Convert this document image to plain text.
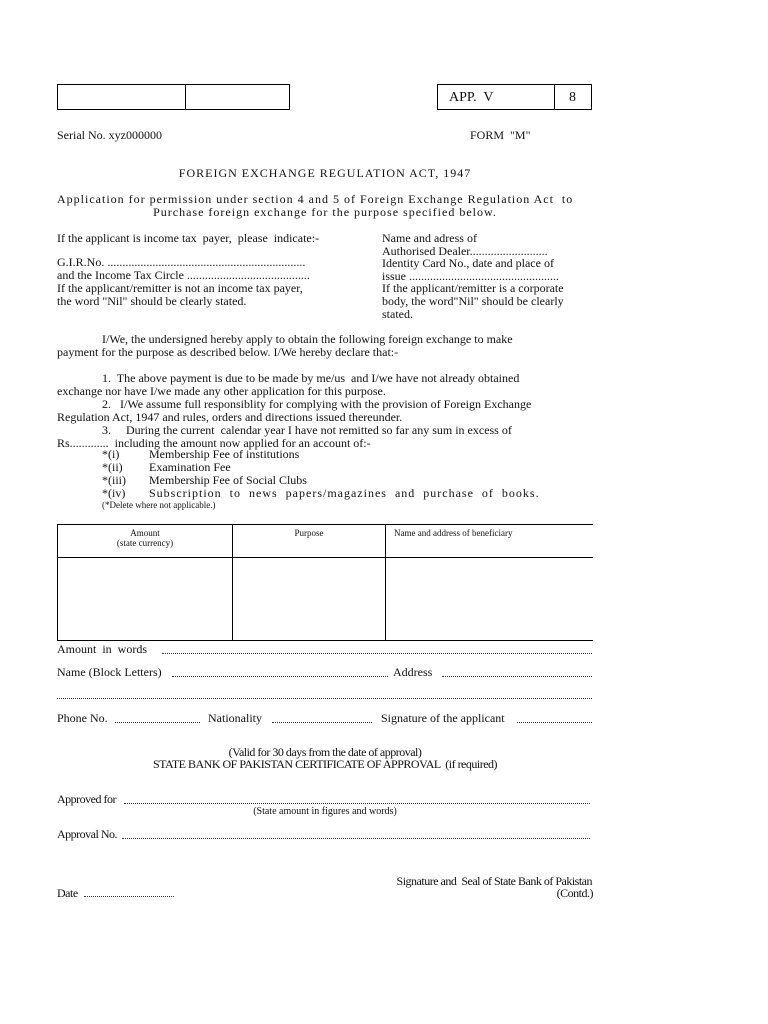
APP.  V	8
Serial No. xyz000000	FORM  "M"
FOREIGN EXCHANGE REGULATION ACT, 1947
Application for permission under section 4 and 5 of Foreign Exchange Regulation Act  to
Purchase foreign exchange for the purpose specified below.
If the applicant is income tax  payer,  please  indicate:-
G.I.R.No. ..................................................................
and the Income Tax Circle .........................................
If the applicant/remitter is not an income tax payer,
the word "Nil" should be clearly stated.
Name and adress of
Authorised Dealer..........................
Identity Card No., date and place of
issue ..................................................
If the applicant/remitter is a corporate
body, the word"Nil" should be clearly
stated.
I/We, the undersigned hereby apply to obtain the following foreign exchange to make
payment for the purpose as described below. I/We hereby declare that:-
1.  The above payment is due to be made by me/us  and I/we have not already obtained
exchange nor have I/we made any other application for this purpose.
2.   I/We assume full responsiblity for complying with the provision of Foreign Exchange
Regulation Act, 1947 and rules, orders and directions issued thereunder.
3.     During the current  calendar year I have not remitted so far any sum in excess of
Rs.............  including the amount now applied for an account of:-
*(i) Membership Fee of institutions
*(ii) Examination Fee
*(iii) Membership Fee of Social Clubs
*(iv) Subscription  to  news  papers/magazines  and  purchase  of  books.
(*Delete where not applicable.)
Amount
(state currency)	Purpose	Name and address of beneficiary

Amount  in  words
Name (Block Letters)	Address
Phone No.	Nationality	Signature of the applicant
(Valid for 30 days from the date of approval)
STATE BANK OF PAKISTAN CERTIFICATE OF APPROVAL  (if required)
Approved for
(State amount in figures and words)
Approval No.
Signature and  Seal of State Bank of Pakistan
Date	(Contd.)
